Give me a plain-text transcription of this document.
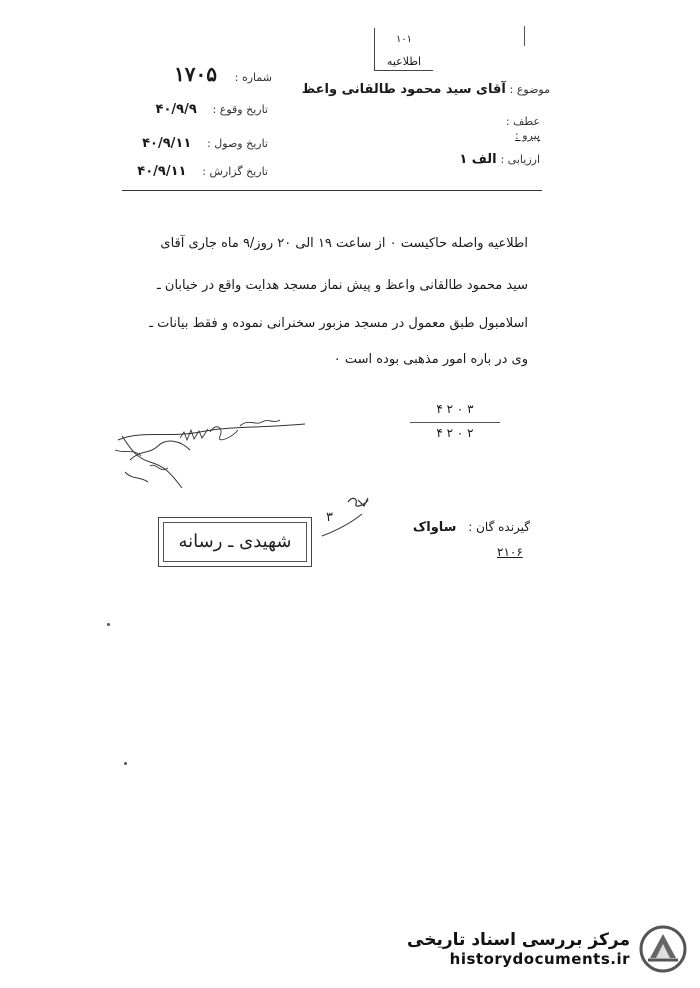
۱۰۱
اطلاعیه
موضوع : آقای سید محمود طالقانی واعظ
شماره : ۱۷۰۵
عطف :
پیرو :
تاریخ وقوع : ۴۰/۹/۹
تاریخ وصول : ۴۰/۹/۱۱
تاریخ گزارش : ۴۰/۹/۱۱
ارزیابی : الف ۱
اطلاعیه واصله حاکیست ۰ از ساعت ۱۹ الی ۲۰ روز/۹ ماه جاری آقای
سید محمود طالقانی واعظ و پیش نماز مسجد هدایت واقع در خیابان ـ
اسلامبول طبق معمول در مسجد مزبور سخنرانی نموده و فقط بیانات ـ
وی در باره امور مذهبی بوده است ۰
۴ ۲ ۰ ۳
۴ ۲ ۰ ۲
۳
شهیدی ـ رسانه
گیرنده گان : ساواک
۲۱۰۶
مرکز بررسی اسناد تاریخی
historydocuments.ir
